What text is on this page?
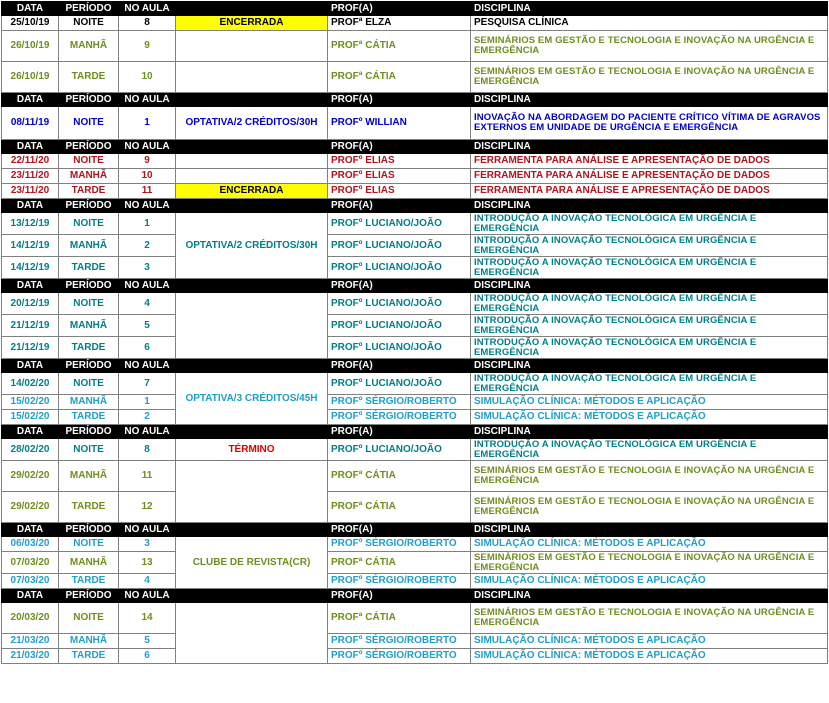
DATA	PERÍODO	NO AULA		PROF(A)	DISCIPLINA
25/10/19	NOITE	8	ENCERRADA	PROFª ELZA	PESQUISA CLÍNICA
26/10/19	MANHÃ	9		PROFª CÁTIA	SEMINÁRIOS EM GESTÃO E TECNOLOGIA E INOVAÇÃO NA URGÊNCIA E EMERGÊNCIA
26/10/19	TARDE	10		PROFª CÁTIA	SEMINÁRIOS EM GESTÃO E TECNOLOGIA E INOVAÇÃO NA URGÊNCIA E EMERGÊNCIA
DATA	PERÍODO	NO AULA		PROF(A)	DISCIPLINA
08/11/19	NOITE	1	OPTATIVA/2 CRÉDITOS/30H	PROFº WILLIAN	INOVAÇÃO NA ABORDAGEM DO PACIENTE CRÍTICO VÍTIMA DE AGRAVOS EXTERNOS EM UNIDADE DE URGÊNCIA E EMERGÊNCIA
DATA	PERÍODO	NO AULA		PROF(A)	DISCIPLINA
22/11/20	NOITE	9		PROFº ELIAS	FERRAMENTA PARA ANÁLISE E APRESENTAÇÃO DE DADOS
23/11/20	MANHÃ	10		PROFº ELIAS	FERRAMENTA PARA ANÁLISE E APRESENTAÇÃO DE DADOS
23/11/20	TARDE	11	ENCERRADA	PROFº ELIAS	FERRAMENTA PARA ANÁLISE E APRESENTAÇÃO DE DADOS
DATA	PERÍODO	NO AULA		PROF(A)	DISCIPLINA
13/12/19	NOITE	1	OPTATIVA/2 CRÉDITOS/30H	PROFº LUCIANO/JOÃO	INTRODUÇÃO A INOVAÇÃO TECNOLÓGICA EM URGÊNCIA E EMERGÊNCIA
14/12/19	MANHÃ	2		PROFº LUCIANO/JOÃO	INTRODUÇÃO A INOVAÇÃO TECNOLÓGICA EM URGÊNCIA E EMERGÊNCIA
14/12/19	TARDE	3		PROFº LUCIANO/JOÃO	INTRODUÇÃO A INOVAÇÃO TECNOLÓGICA EM URGÊNCIA E EMERGÊNCIA
DATA	PERÍODO	NO AULA		PROF(A)	DISCIPLINA
20/12/19	NOITE	4		PROFº LUCIANO/JOÃO	INTRODUÇÃO A INOVAÇÃO TECNOLÓGICA EM URGÊNCIA E EMERGÊNCIA
21/12/19	MANHÃ	5		PROFº LUCIANO/JOÃO	INTRODUÇÃO A INOVAÇÃO TECNOLÓGICA EM URGÊNCIA E EMERGÊNCIA
21/12/19	TARDE	6		PROFº LUCIANO/JOÃO	INTRODUÇÃO A INOVAÇÃO TECNOLÓGICA EM URGÊNCIA E EMERGÊNCIA
DATA	PERÍODO	NO AULA		PROF(A)	DISCIPLINA
14/02/20	NOITE	7	OPTATIVA/3 CRÉDITOS/45H	PROFº LUCIANO/JOÃO	INTRODUÇÃO A INOVAÇÃO TECNOLÓGICA EM URGÊNCIA E EMERGÊNCIA
15/02/20	MANHÃ	1		PROFº SÉRGIO/ROBERTO	SIMULAÇÃO CLÍNICA: MÉTODOS E APLICAÇÃO
15/02/20	TARDE	2		PROFº SÉRGIO/ROBERTO	SIMULAÇÃO CLÍNICA: MÉTODOS E APLICAÇÃO
DATA	PERÍODO	NO AULA		PROF(A)	DISCIPLINA
28/02/20	NOITE	8	TÉRMINO	PROFº LUCIANO/JOÃO	INTRODUÇÃO A INOVAÇÃO TECNOLÓGICA EM URGÊNCIA E EMERGÊNCIA
29/02/20	MANHÃ	11		PROFª CÁTIA	SEMINÁRIOS EM GESTÃO E TECNOLOGIA E INOVAÇÃO NA URGÊNCIA E EMERGÊNCIA
29/02/20	TARDE	12		PROFª CÁTIA	SEMINÁRIOS EM GESTÃO E TECNOLOGIA E INOVAÇÃO NA URGÊNCIA E EMERGÊNCIA
DATA	PERÍODO	NO AULA		PROF(A)	DISCIPLINA
06/03/20	NOITE	3	CLUBE DE REVISTA(CR)	PROFº SÉRGIO/ROBERTO	SIMULAÇÃO CLÍNICA: MÉTODOS E APLICAÇÃO
07/03/20	MANHÃ	13		PROFª CÁTIA	SEMINÁRIOS EM GESTÃO E TECNOLOGIA E INOVAÇÃO NA URGÊNCIA E EMERGÊNCIA
07/03/20	TARDE	4		PROFº SÉRGIO/ROBERTO	SIMULAÇÃO CLÍNICA: MÉTODOS E APLICAÇÃO
DATA	PERÍODO	NO AULA		PROF(A)	DISCIPLINA
20/03/20	NOITE	14		PROFª CÁTIA	SEMINÁRIOS EM GESTÃO E TECNOLOGIA E INOVAÇÃO NA URGÊNCIA E EMERGÊNCIA
21/03/20	MANHÃ	5		PROFº SÉRGIO/ROBERTO	SIMULAÇÃO CLÍNICA: MÉTODOS E APLICAÇÃO
21/03/20	TARDE	6		PROFº SÉRGIO/ROBERTO	SIMULAÇÃO CLÍNICA: MÉTODOS E APLICAÇÃO
